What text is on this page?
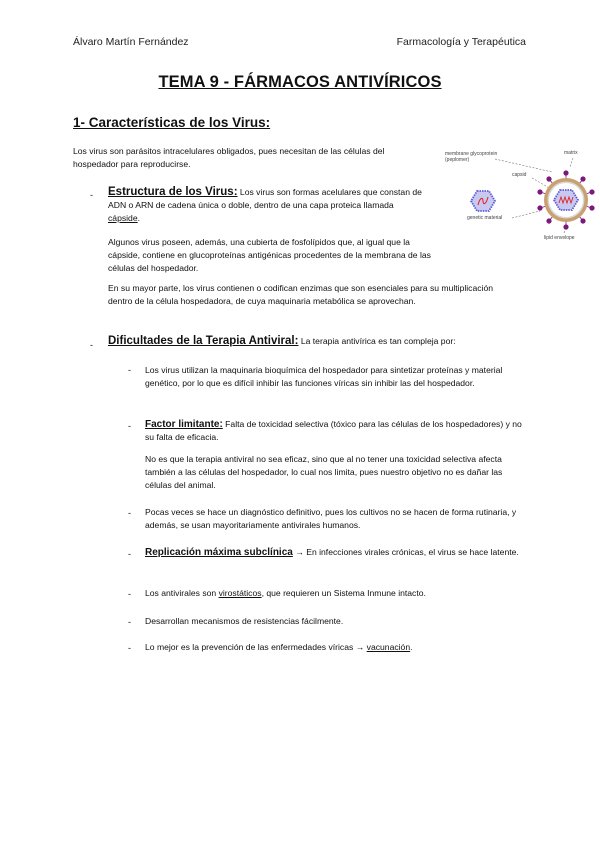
Álvaro Martín Fernández	Farmacología y Terapéutica
TEMA 9 - FÁRMACOS ANTIVÍRICOS
1- Características de los Virus:
Los virus son parásitos intracelulares obligados, pues necesitan de las células del hospedador para reproducirse.
membrane glycoprotein
(peplomer)
matrix
capsid
genetic material
lipid envelope
- Estructura de los Virus: Los virus son formas acelulares que constan de ADN o ARN de cadena única o doble, dentro de una capa proteica llamada cápside.
Algunos virus poseen, además, una cubierta de fosfolípidos que, al igual que la cápside, contiene en glucoproteínas antigénicas procedentes de la membrana de las células del hospedador.
En su mayor parte, los virus contienen o codifican enzimas que son esenciales para su multiplicación dentro de la célula hospedadora, de cuya maquinaria metabólica se aprovechan.
- Dificultades de la Terapia Antiviral: La terapia antivírica es tan compleja por:
- Los virus utilizan la maquinaria bioquímica del hospedador para sintetizar proteínas y material genético, por lo que es difícil inhibir las funciones víricas sin inhibir las del hospedador.
- Factor limitante: Falta de toxicidad selectiva (tóxico para las células de los hospedadores) y no su falta de eficacia.
No es que la terapia antiviral no sea eficaz, sino que al no tener una toxicidad selectiva afecta también a las células del hospedador, lo cual nos limita, pues nuestro objetivo no es dañar las células del animal.
- Pocas veces se hace un diagnóstico definitivo, pues los cultivos no se hacen de forma rutinaria, y además, se usan mayoritariamente antivirales humanos.
- Replicación máxima subclínica → En infecciones virales crónicas, el virus se hace latente.
- Los antivirales son virostáticos, que requieren un Sistema Inmune intacto.
- Desarrollan mecanismos de resistencias fácilmente.
- Lo mejor es la prevención de las enfermedades víricas → vacunación.
